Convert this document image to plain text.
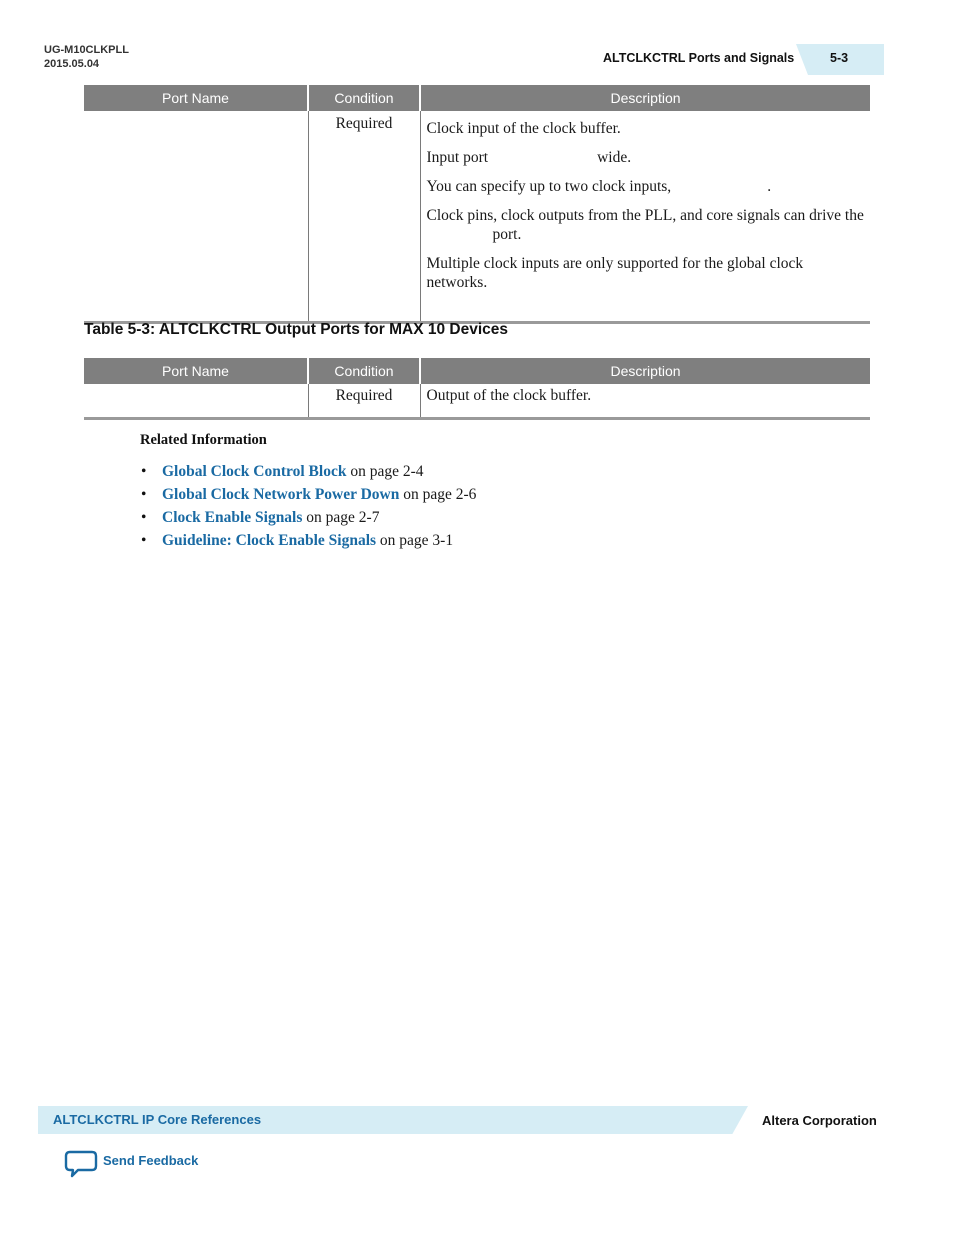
UG-M10CLKPLL
2015.05.04	ALTCLKCTRL Ports and Signals	5-3
Port Name	Condition	Description
	Required	Clock input of the clock buffer.

Input port wide.

You can specify up to two clock inputs, .

Clock pins, clock outputs from the PLL, and core signals can drive theport.

Multiple clock inputs are only supported for the global clock networks.

Table 5-3: ALTCLKCTRL Output Ports for MAX 10 Devices
Port Name	Condition	Description
	Required	Output of the clock buffer.
Related Information
• Global Clock Control Block on page 2-4
• Global Clock Network Power Down on page 2-6
• Clock Enable Signals on page 2-7
• Guideline: Clock Enable Signals on page 3-1
ALTCLKCTRL IP Core References	Altera Corporation
Send Feedback
